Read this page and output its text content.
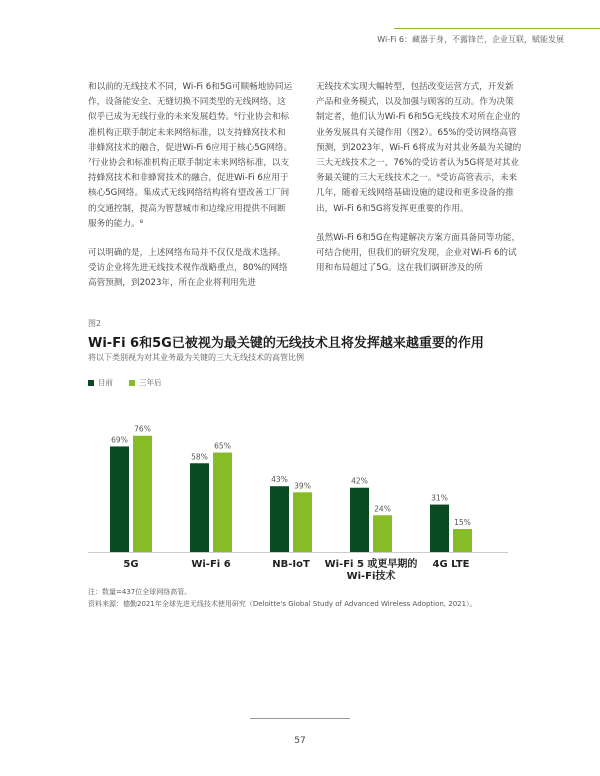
Wi-Fi 6：藏器于身，不露锋芒，企业互联，赋能发展

和以前的无线技术不同，Wi-Fi 6和5G可顺畅地协同运作，设备能安全、无缝切换不同类型的无线网络，这似乎已成为无线行业的未来发展趋势。⁶行业协会和标准机构正联手制定未来网络标准，以支持蜂窝技术和非蜂窝技术的融合，促进Wi-Fi 6应用于核心5G网络。⁷行业协会和标准机构正联手制定未来网络标准，以支持蜂窝技术和非蜂窝技术的融合，促进Wi-Fi 6应用于核心5G网络。集成式无线网络结构将有望改善工厂间的交通控制，提高为智慧城市和边缘应用提供不间断服务的能力。⁸

可以明确的是，上述网络布局并不仅仅是战术选择。受访企业将先进无线技术视作战略重点，80%的网络高管预测，到2023年，所在企业将利用先进

无线技术实现大幅转型，包括改变运营方式，开发新产品和业务模式，以及加强与顾客的互动。作为决策制定者，他们认为Wi-Fi 6和5G无线技术对所在企业的业务发展具有关键作用（图2）。65%的受访网络高管预测，到2023年，Wi-Fi 6将成为对其业务最为关键的三大无线技术之一，76%的受访者认为5G将是对其业务最关键的三大无线技术之一。⁹受访高管表示，未来几年，随着无线网络基础设施的建设和更多设备的推出，Wi-Fi 6和5G将发挥更重要的作用。

虽然Wi-Fi 6和5G在构建解决方案方面具备同等功能，可结合使用，但我们的研究发现，企业对Wi-Fi 6的试用和布局超过了5G。这在我们调研涉及的所

图2
Wi-Fi 6和5G已被视为最关键的无线技术且将发挥越来越重要的作用
将以下类别视为对其业务最为关键的三大无线技术的高管比例
目前	三年后
69%
76%
5G
58%
65%
Wi-Fi 6
43%
39%
NB-IoT
42%
24%
Wi-Fi 5 或更早期的
Wi-Fi技术
31%
15%
4G LTE
注：数量=437位全球网络高管。
资料来源：德勤2021年全球先进无线技术使用研究（Deloitte's Global Study of Advanced Wireless Adoption, 2021）。
57
